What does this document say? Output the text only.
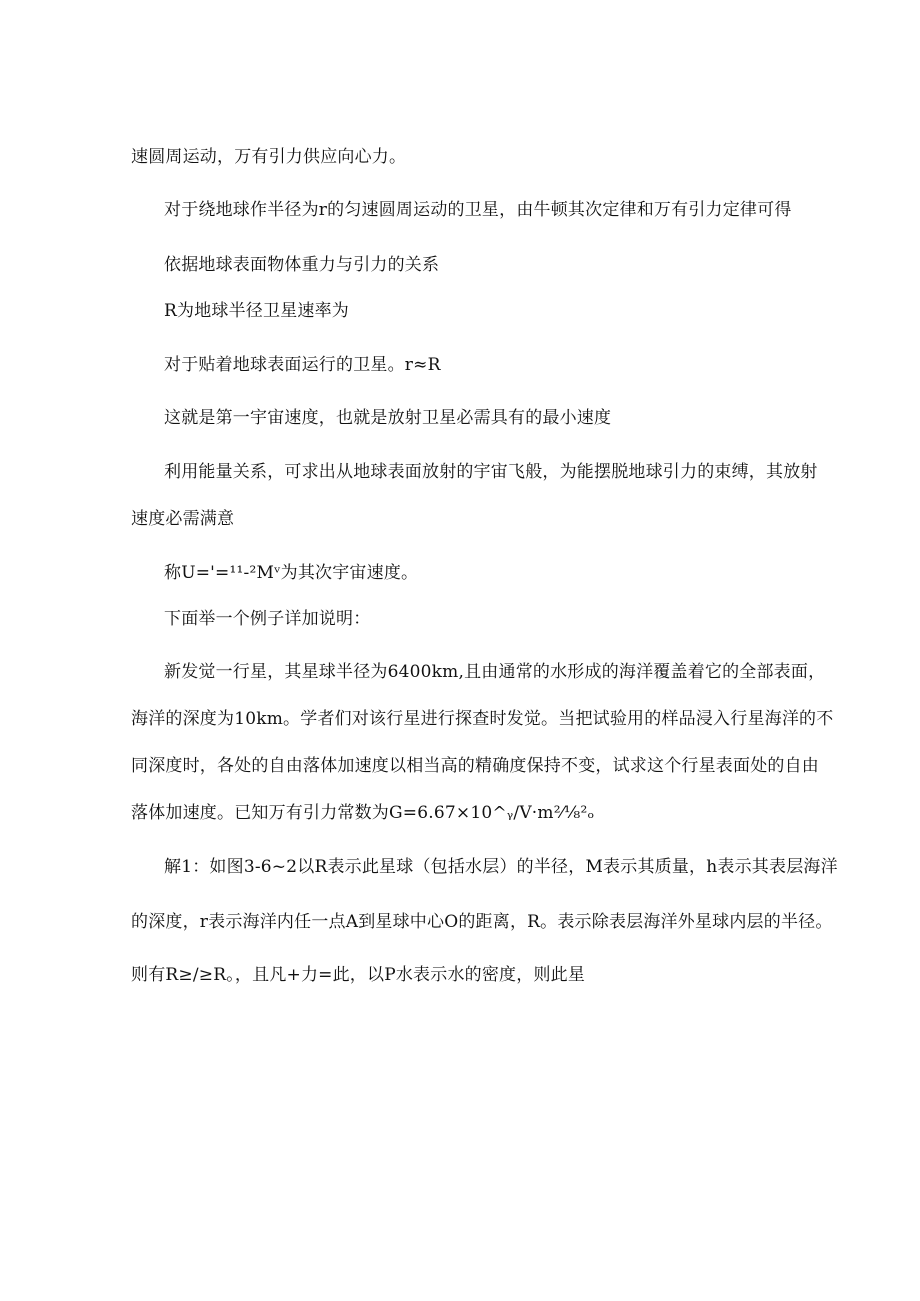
速圆周运动，万有引力供应向心力。
对于绕地球作半径为r的匀速圆周运动的卫星，由牛顿其次定律和万有引力定律可得
依据地球表面物体重力与引力的关系
R为地球半径卫星速率为
对于贴着地球表面运行的卫星。r≈R
这就是第一宇宙速度，也就是放射卫星必需具有的最小速度
利用能量关系，可求出从地球表面放射的宇宙飞般，为能摆脱地球引力的束缚，其放射
速度必需满意
称U='=¹¹-²Mᵛ为其次宇宙速度。
下面举一个例子详加说明：
新发觉一行星，其星球半径为6400km,且由通常的水形成的海洋覆盖着它的全部表面，
海洋的深度为10km。学者们对该行星进行探查时发觉。当把试验用的样品浸入行星海洋的不
同深度时，各处的自由落体加速度以相当高的精确度保持不变，试求这个行星表面处的自由
落体加速度。已知万有引力常数为G=6.67×10^ᵧ∕V·m²⁄⅛²ₒ
解1：如图3-6~2以R表示此星球（包括水层）的半径，M表示其质量，h表示其表层海洋
的深度，r表示海洋内任一点A到星球中心O的距离，R。表示除表层海洋外星球内层的半径。
则有R≥∕≥R。，且凡+力=此，以P水表示水的密度，则此星
